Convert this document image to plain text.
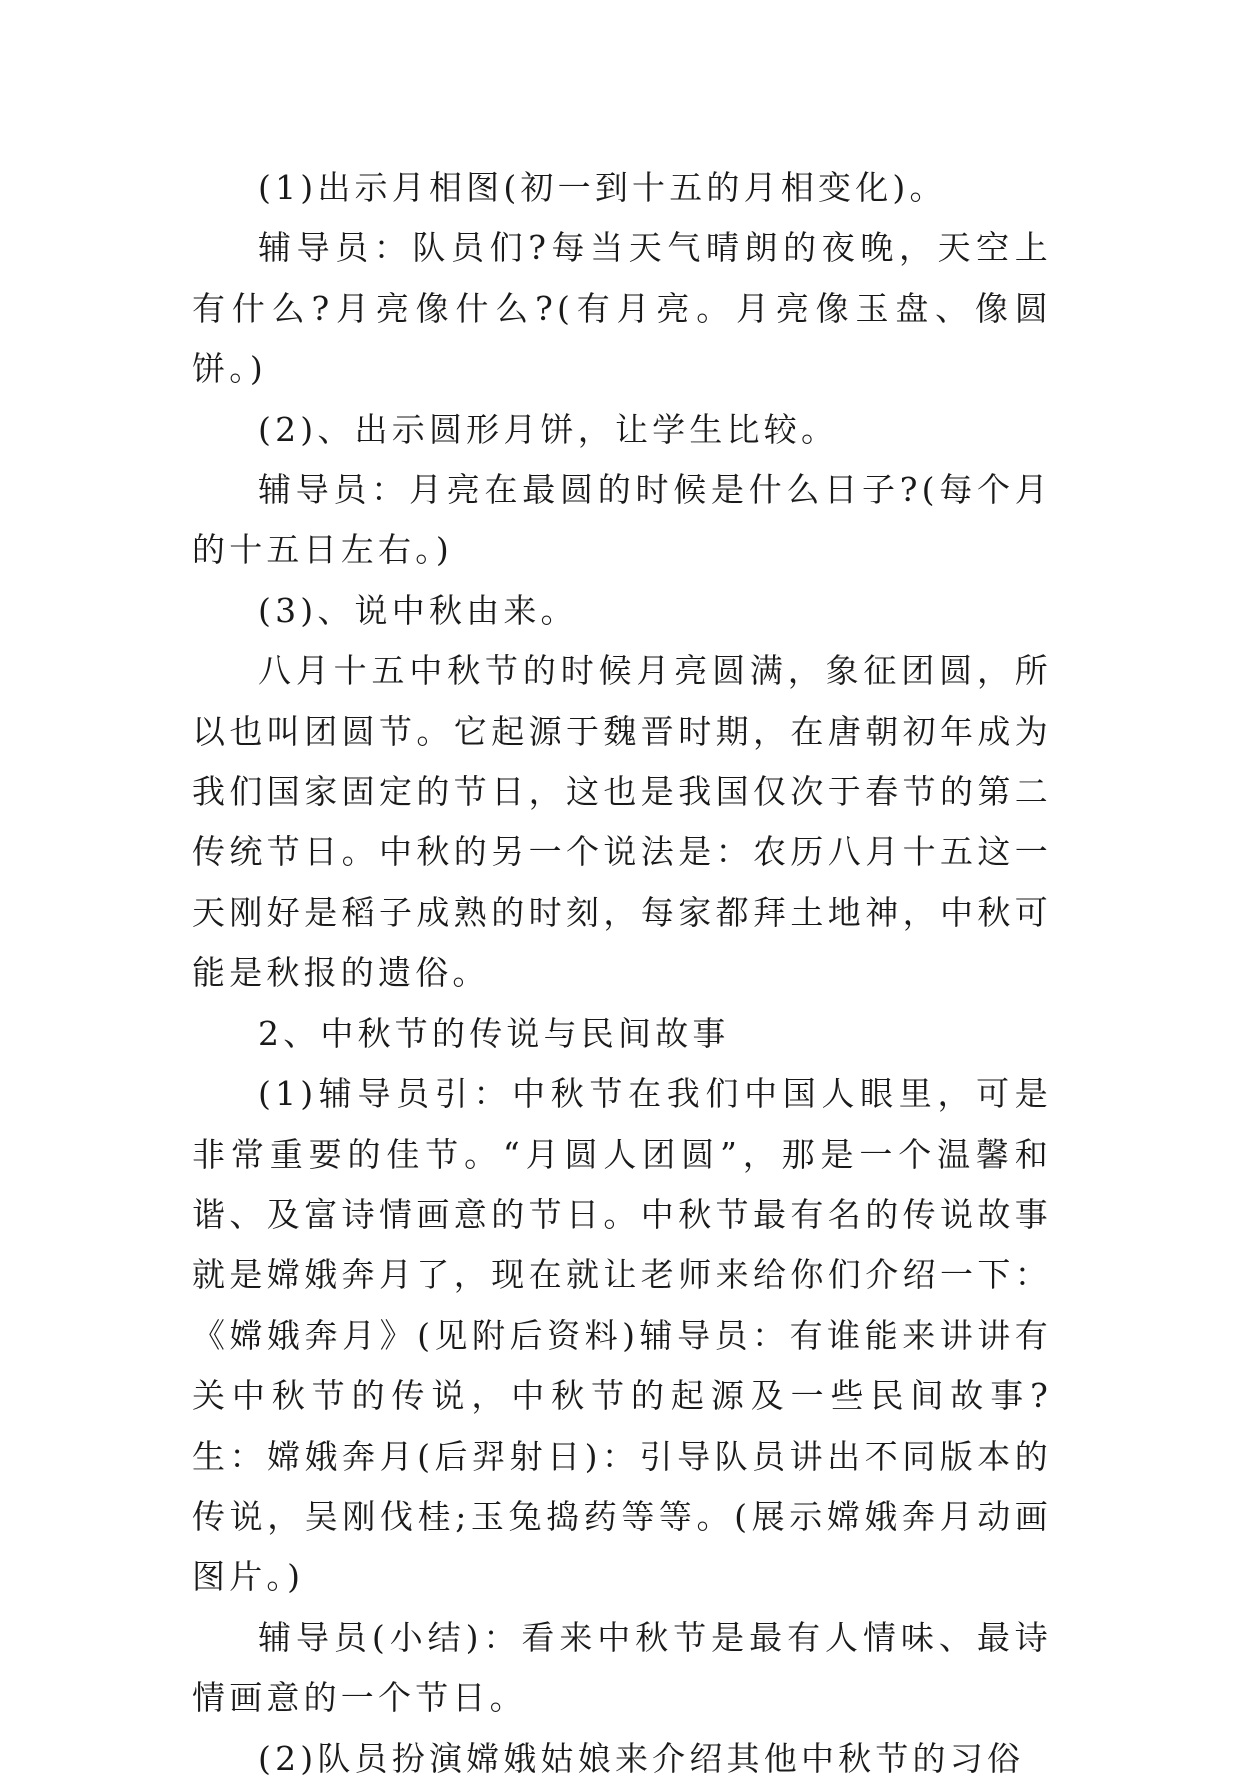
(1)出示月相图(初一到十五的月相变化)。

辅导员：队员们?每当天气晴朗的夜晚，天空上有什么?月亮像什么?(有月亮。月亮像玉盘、像圆饼。)

(2)、出示圆形月饼，让学生比较。

辅导员：月亮在最圆的时候是什么日子?(每个月的十五日左右。)

(3)、说中秋由来。

八月十五中秋节的时候月亮圆满，象征团圆，所以也叫团圆节。它起源于魏晋时期，在唐朝初年成为我们国家固定的节日，这也是我国仅次于春节的第二传统节日。中秋的另一个说法是：农历八月十五这一天刚好是稻子成熟的时刻，每家都拜土地神，中秋可能是秋报的遗俗。

2、中秋节的传说与民间故事

(1)辅导员引：中秋节在我们中国人眼里，可是非常重要的佳节。“月圆人团圆”，那是一个温馨和谐、及富诗情画意的节日。中秋节最有名的传说故事就是嫦娥奔月了，现在就让老师来给你们介绍一下：《嫦娥奔月》(见附后资料)辅导员：有谁能来讲讲有关中秋节的传说，中秋节的起源及一些民间故事?生：嫦娥奔月(后羿射日)：引导队员讲出不同版本的传说，吴刚伐桂;玉兔捣药等等。(展示嫦娥奔月动画图片。)

辅导员(小结)：看来中秋节是最有人情味、最诗情画意的一个节日。

(2)队员扮演嫦娥姑娘来介绍其他中秋节的习俗
